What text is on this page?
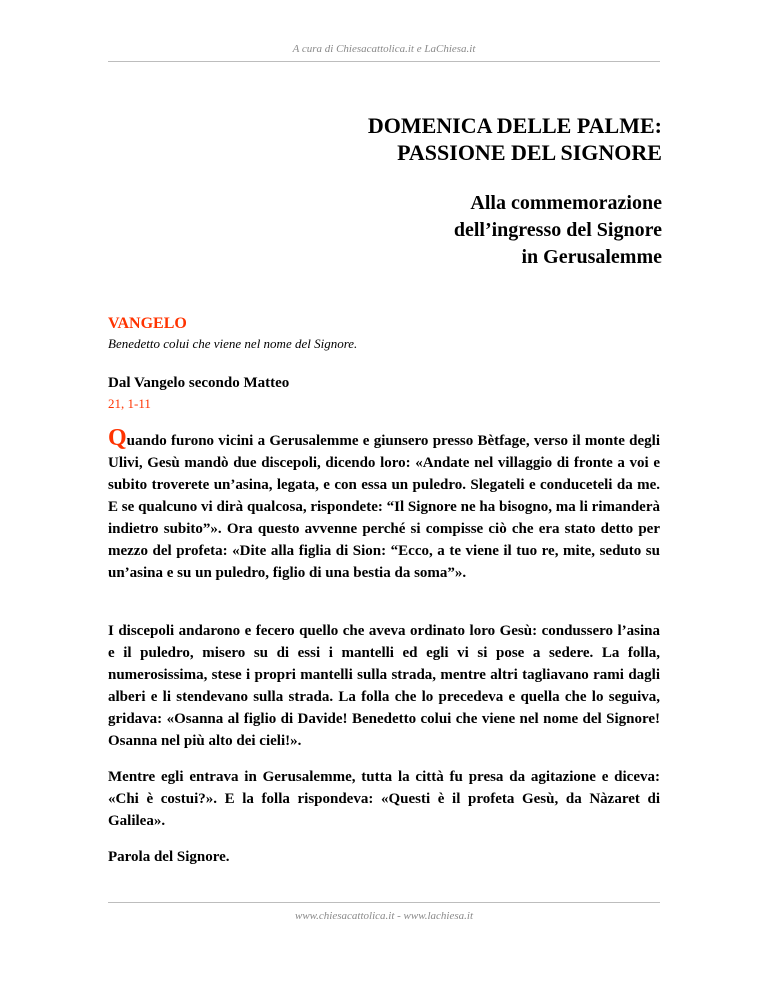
A cura di Chiesacattolica.it e LaChiesa.it
DOMENICA DELLE PALME:
PASSIONE DEL SIGNORE
Alla commemorazione
dell’ingresso del Signore
in Gerusalemme
VANGELO
Benedetto colui che viene nel nome del Signore.
Dal Vangelo secondo Matteo
21, 1-11

Quando furono vicini a Gerusalemme e giunsero presso Bètfage, verso il monte degli Ulivi, Gesù mandò due discepoli, dicendo loro: «Andate nel villaggio di fronte a voi e subito troverete un’asina, legata, e con essa un puledro. Slegateli e conduceteli da me. E se qualcuno vi dirà qualcosa, rispondete: “Il Signore ne ha bisogno, ma li rimanderà indietro subito”». Ora questo avvenne perché si compisse ciò che era stato detto per mezzo del profeta: «Dite alla figlia di Sion: “Ecco, a te viene il tuo re, mite, seduto su un’asina e su un puledro, figlio di una bestia da soma”».

I discepoli andarono e fecero quello che aveva ordinato loro Gesù: condussero l’asina e il puledro, misero su di essi i mantelli ed egli vi si pose a sedere. La folla, numerosissima, stese i propri mantelli sulla strada, mentre altri tagliavano rami dagli alberi e li stendevano sulla strada. La folla che lo precedeva e quella che lo seguiva, gridava: «Osanna al figlio di Davide! Benedetto colui che viene nel nome del Signore! Osanna nel più alto dei cieli!».

Mentre egli entrava in Gerusalemme, tutta la città fu presa da agitazione e diceva: «Chi è costui?». E la folla rispondeva: «Questi è il profeta Gesù, da Nàzaret di Galilea».

Parola del Signore.

www.chiesacattolica.it - www.lachiesa.it
